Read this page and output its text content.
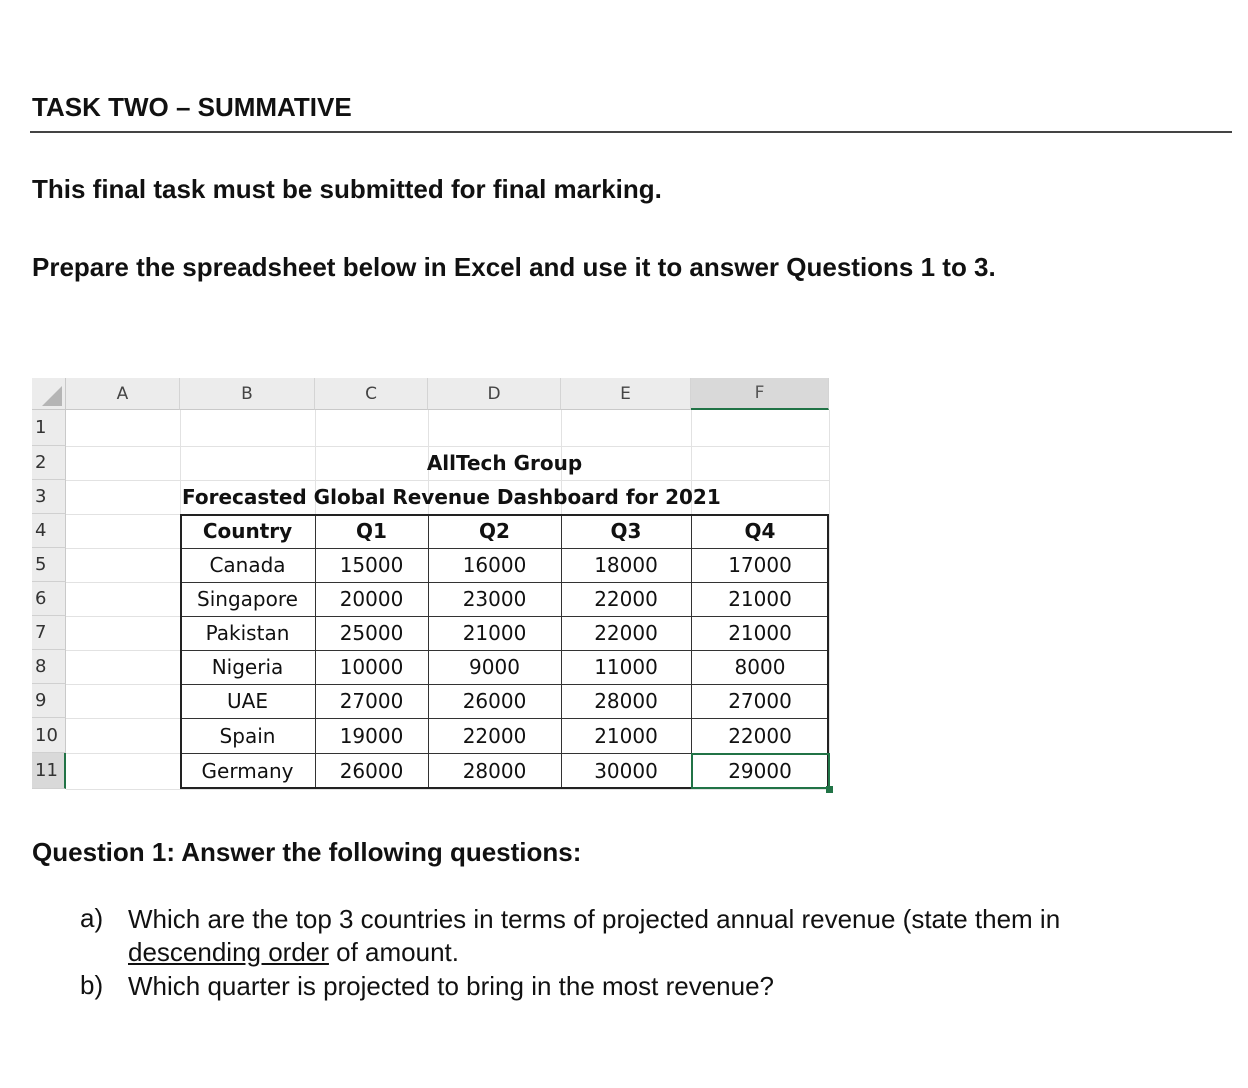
TASK TWO – SUMMATIVE
This final task must be submitted for final marking.
Prepare the spreadsheet below in Excel and use it to answer Questions 1 to 3.
A	B	C	D	E	F
1
2
3
4
5
6
7
8
9
10
11
AllTech Group
Forecasted Global Revenue Dashboard for 2021
Country	Q1	Q2	Q3	Q4
Canada	15000	16000	18000	17000
Singapore	20000	23000	22000	21000
Pakistan	25000	21000	22000	21000
Nigeria	10000	9000	11000	8000
UAE	27000	26000	28000	27000
Spain	19000	22000	21000	22000
Germany	26000	28000	30000	29000
Question 1: Answer the following questions:
a) Which are the top 3 countries in terms of projected annual revenue (state them in
descending order of amount.
b) Which quarter is projected to bring in the most revenue?
